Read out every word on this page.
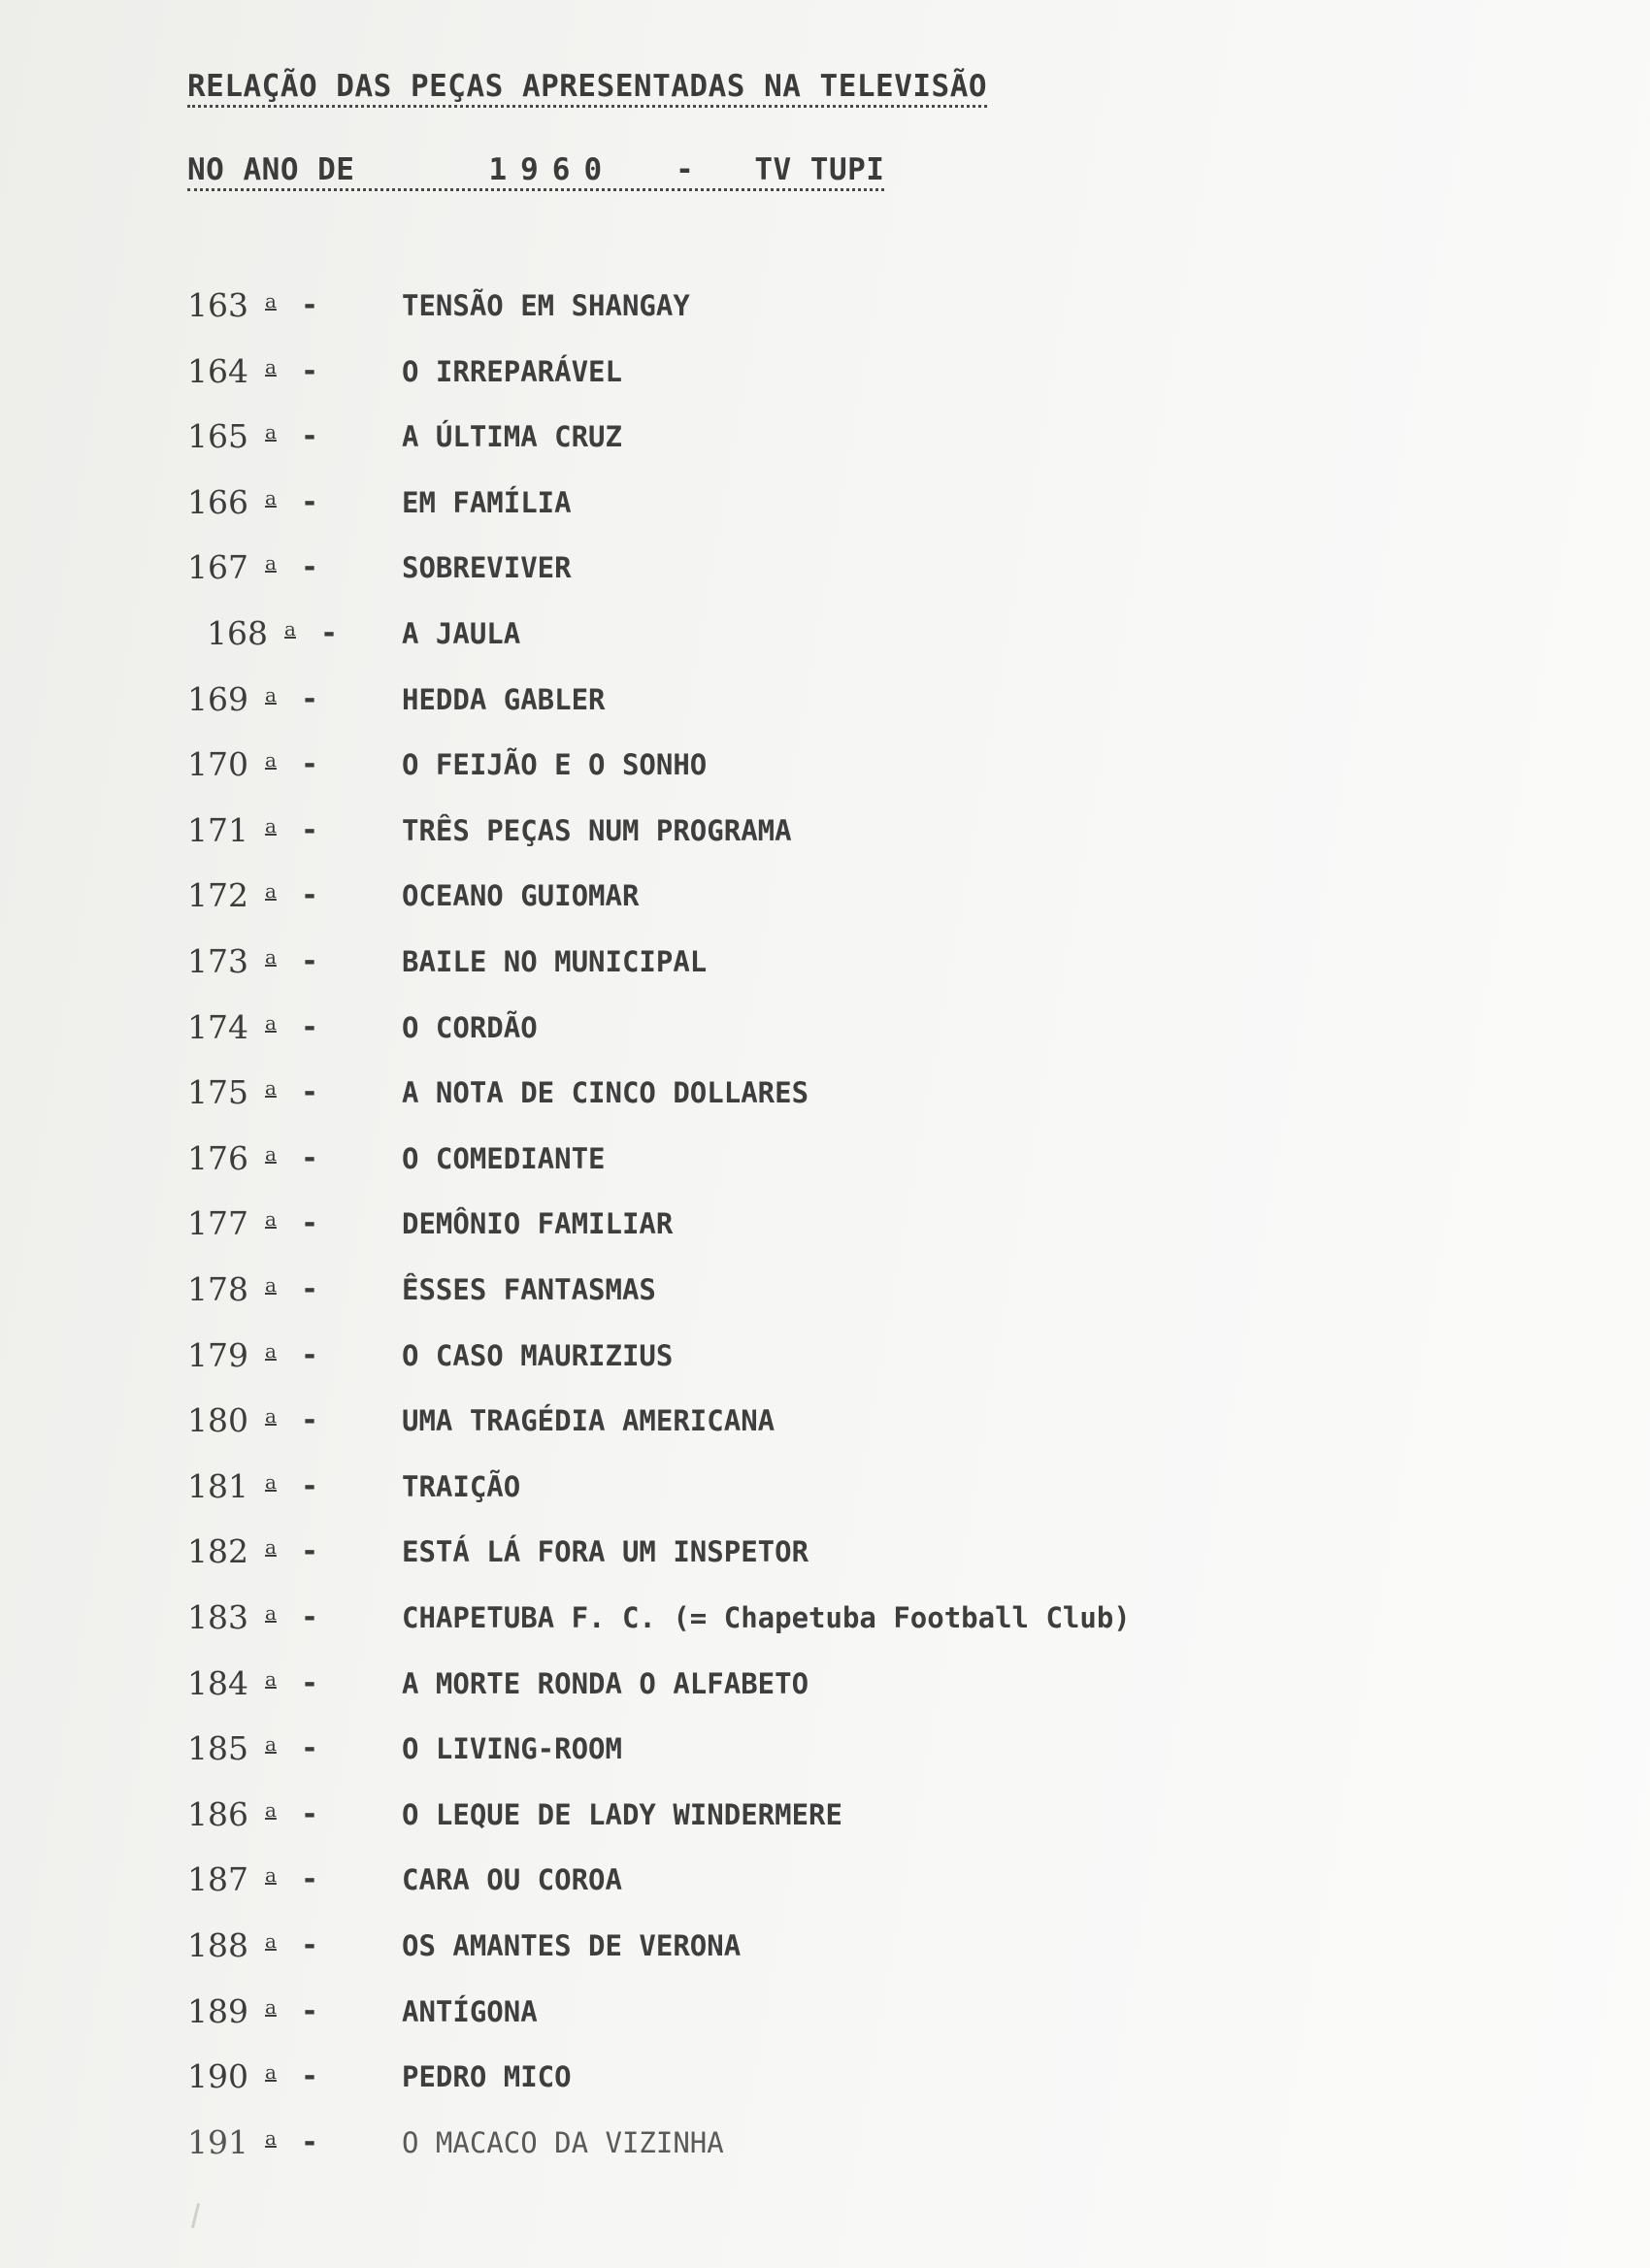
RELAÇÃO DAS PEÇAS APRESENTADAS NA TELEVISÃO
NO ANO DE	1960 - TV TUPI
163 a -	TENSÃO EM SHANGAY
164 a -	O IRREPARÁVEL
165 a -	A ÚLTIMA CRUZ
166 a -	EM FAMÍLIA
167 a -	SOBREVIVER
168 a - A JAULA
169 a -	HEDDA GABLER
170 a -	O FEIJÃO E O SONHO
171 a -	TRÊS PEÇAS NUM PROGRAMA
172 a -	OCEANO GUIOMAR
173 a -	BAILE NO MUNICIPAL
174 a -	O CORDÃO
175 a -	A NOTA DE CINCO DOLLARES
176 a -	O COMEDIANTE
177 a -	DEMÔNIO FAMILIAR
178 a -	ÊSSES FANTASMAS
179 a -	O CASO MAURIZIUS
180 a -	UMA TRAGÉDIA AMERICANA
181 a -	TRAIÇÃO
182 a -	ESTÁ LÁ FORA UM INSPETOR
183 a -	CHAPETUBA F. C. (= Chapetuba Football Club)
184 a -	A MORTE RONDA O ALFABETO
185 a -	O LIVING-ROOM
186 a -	O LEQUE DE LADY WINDERMERE
187 a -	CARA OU COROA
188 a -	OS AMANTES DE VERONA
189 a -	ANTÍGONA
190 a -	PEDRO MICO
191 a -	O MACACO DA VIZINHA
